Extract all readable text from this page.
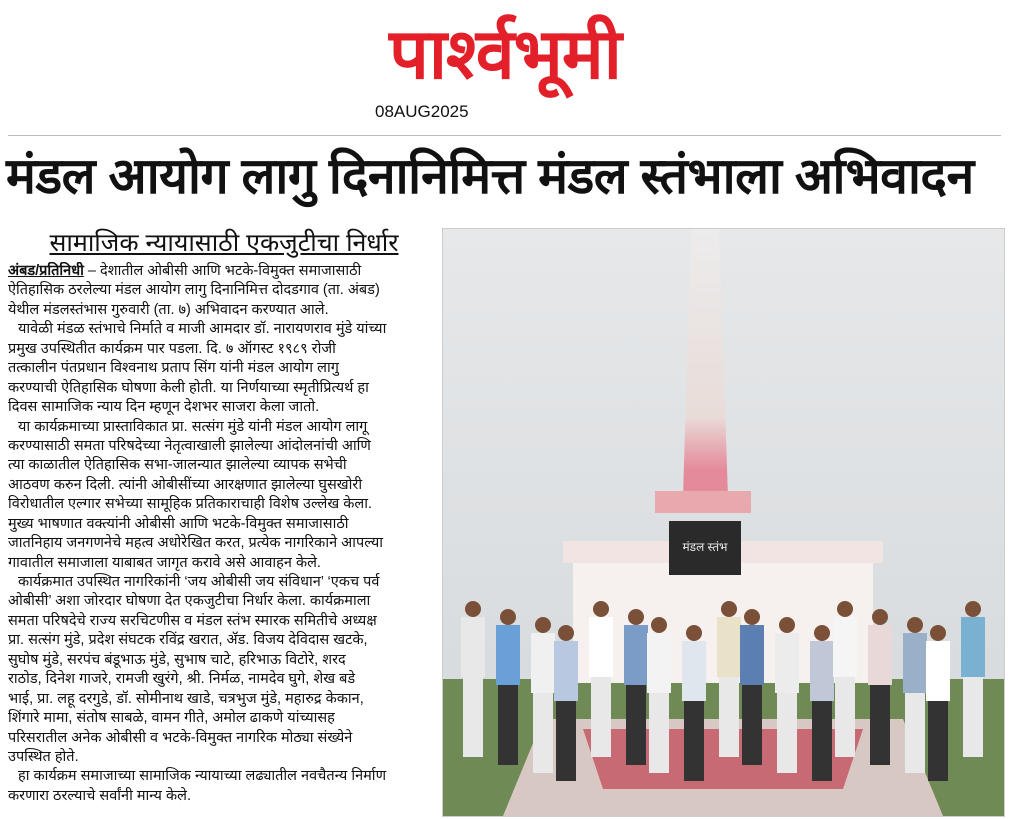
पार्श्वभूमी
08AUG2025
मंडल आयोग लागु दिनानिमित्त मंडल स्तंभाला अभिवादन
सामाजिक न्यायासाठी एकजुटीचा निर्धार
अंबड/प्रतिनिधी – देशातील ओबीसी आणि भटके-विमुक्त समाजासाठी
ऐतिहासिक ठरलेल्या मंडल आयोग लागु दिनानिमित्त दोदडगाव (ता. अंबड)
येथील मंडलस्तंभास गुरुवारी (ता. ७) अभिवादन करण्यात आले.
यावेळी मंडळ स्तंभाचे निर्माते व माजी आमदार डॉ. नारायणराव मुंडे यांच्या
प्रमुख उपस्थितीत कार्यक्रम पार पडला. दि. ७ ऑगस्ट १९८९ रोजी
तत्कालीन पंतप्रधान विश्वनाथ प्रताप सिंग यांनी मंडल आयोग लागु
करण्याची ऐतिहासिक घोषणा केली होती. या निर्णयाच्या स्मृतीप्रित्यर्थ हा
दिवस सामाजिक न्याय दिन म्हणून देशभर साजरा केला जातो.
या कार्यक्रमाच्या प्रास्ताविकात प्रा. सत्संग मुंडे यांनी मंडल आयोग लागू
करण्यासाठी समता परिषदेच्या नेतृत्वाखाली झालेल्या आंदोलनांची आणि
त्या काळातील ऐतिहासिक सभा-जालन्यात झालेल्या व्यापक सभेची
आठवण करुन दिली. त्यांनी ओबीसींच्या आरक्षणात झालेल्या घुसखोरी
विरोधातील एल्गार सभेच्या सामूहिक प्रतिकाराचाही विशेष उल्लेख केला.
मुख्य भाषणात वक्त्यांनी ओबीसी आणि भटके-विमुक्त समाजासाठी
जातनिहाय जनगणनेचे महत्व अधोरेखित करत, प्रत्येक नागरिकाने आपल्या
गावातील समाजाला याबाबत जागृत करावे असे आवाहन केले.
कार्यक्रमात उपस्थित नागरिकांनी ‘जय ओबीसी जय संविधान’ ‘एकच पर्व
ओबीसी’ अशा जोरदार घोषणा देत एकजुटीचा निर्धार केला. कार्यक्रमाला
समता परिषदेचे राज्य सरचिटणीस व मंडल स्तंभ स्मारक समितीचे अध्यक्ष
प्रा. सत्संग मुंडे, प्रदेश संघटक रविंद्र खरात, ॲड. विजय देविदास खटके,
सुघोष मुंडे, सरपंच बंडूभाऊ मुंडे, सुभाष चाटे, हरिभाऊ विटोरे, शरद
राठोड, दिनेश गाजरे, रामजी खुरंगे, श्री. निर्मळ, नामदेव घुगे, शेख बडे
भाई, प्रा. लहू दरगुडे, डॉ. सोमीनाथ खाडे, चत्रभुज मुंडे, महारुद्र केकान,
शिंगारे मामा, संतोष साबळे, वामन गीते, अमोल ढाकणे यांच्यासह
परिसरातील अनेक ओबीसी व भटके-विमुक्त नागरिक मोठ्या संख्येने
उपस्थित होते.
हा कार्यक्रम समाजाच्या सामाजिक न्यायाच्या लढ्यातील नवचैतन्य निर्माण
करणारा ठरल्याचे सर्वांनी मान्य केले.
मंडल स्तंभ
